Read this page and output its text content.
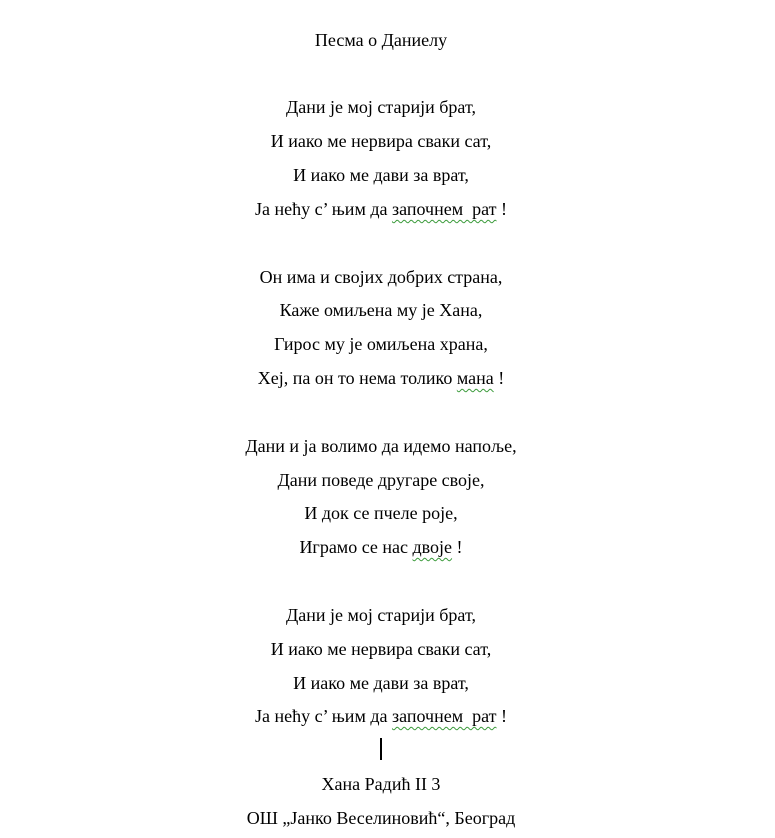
Песма о Даниелу
Дани је мој старији брат,
И иако ме нервира сваки сат,
И иако ме дави за врат,
Ја нећу с’ њим да започнем  рат !
Он има и својих добрих страна,
Каже омиљена му је Хана,
Гирос му је омиљена храна,
Хеј, па он то нема толико мана !
Дани и ја волимо да идемо напоље,
Дани поведе другаре своје,
И док се пчеле роје,
Играмо се нас двоје !
Дани је мој старији брат,
И иако ме нервира сваки сат,
И иако ме дави за врат,
Ја нећу с’ њим да започнем  рат !
Хана Радић II 3
ОШ „Јанко Веселиновић“, Београд
